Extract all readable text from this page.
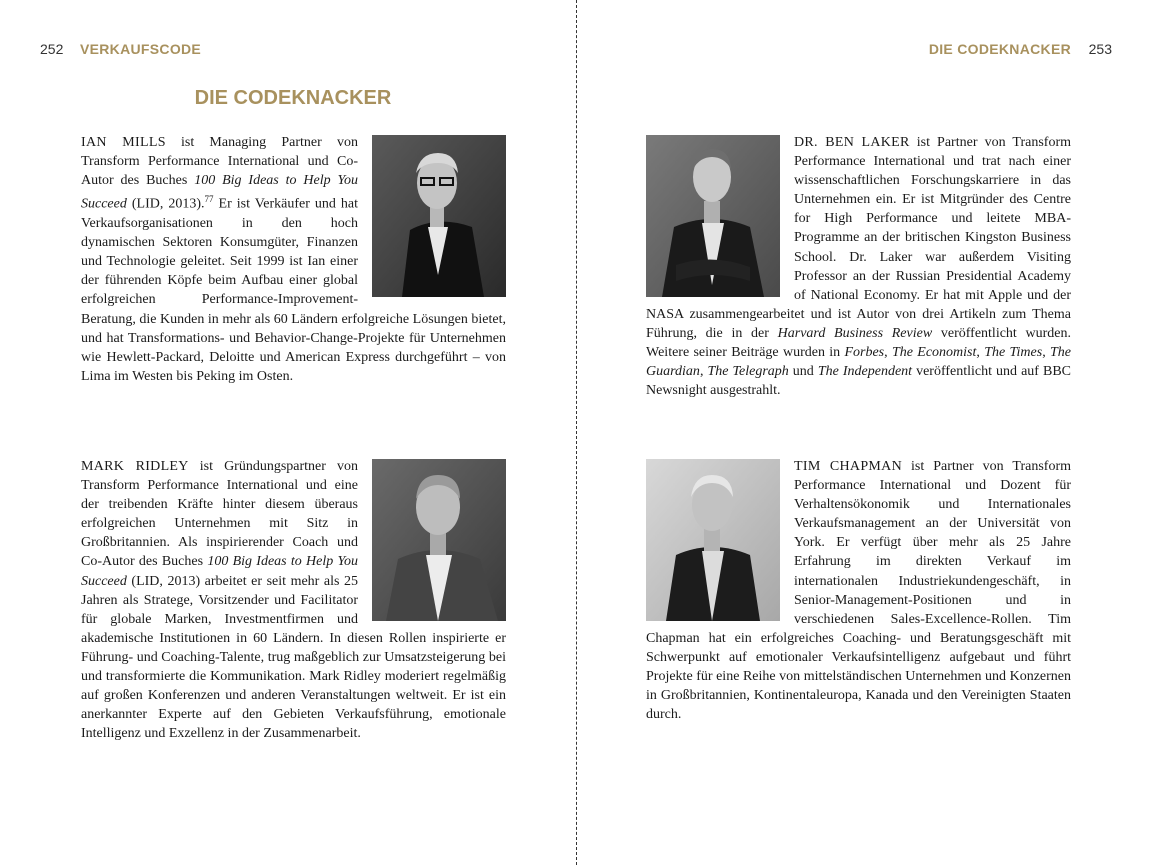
252 VERKAUFSCODE
DIE CODEKNACKER
DIE CODEKNACKER 253
IAN MILLS ist Managing Partner von Transform Performance International und Co-Autor des Buches 100 Big Ideas to Help You Succeed (LID, 2013).$^{77}$ Er ist Verkäufer und hat Verkaufsorganisationen in den hoch dynamischen Sektoren Konsumgüter, Finanzen und Technologie geleitet. Seit 1999 ist Ian einer der führenden Köpfe beim Aufbau einer global erfolgreichen Performance-Improvement-Beratung, die Kunden in mehr als 60 Ländern erfolgreiche Lösungen bietet, und hat Transformations- und Behavior-Change-Projekte für Unternehmen wie Hewlett-Packard, Deloitte und American Express durchgeführt – von Lima im Westen bis Peking im Osten.
MARK RIDLEY ist Gründungspartner von Transform Performance International und eine der treibenden Kräfte hinter diesem überaus erfolgreichen Unternehmen mit Sitz in Großbritannien. Als inspirierender Coach und Co-Autor des Buches 100 Big Ideas to Help You Succeed (LID, 2013) arbeitet er seit mehr als 25 Jahren als Stratege, Vorsitzender und Facilitator für globale Marken, Investmentfirmen und akademische Institutionen in 60 Ländern. In diesen Rollen inspirierte er Führung- und Coaching-Talente, trug maßgeblich zur Umsatzsteigerung bei und transformierte die Kommunikation. Mark Ridley moderiert regelmäßig auf großen Konferenzen und anderen Veranstaltungen weltweit. Er ist ein anerkannter Experte auf den Gebieten Verkaufsführung, emotionale Intelligenz und Exzellenz in der Zusammenarbeit.
DR. BEN LAKER ist Partner von Transform Performance International und trat nach einer wissenschaftlichen Forschungskarriere in das Unternehmen ein. Er ist Mitgründer des Centre for High Performance und leitete MBA-Programme an der britischen Kingston Business School. Dr. Laker war außerdem Visiting Professor an der Russian Presidential Academy of National Economy. Er hat mit Apple und der NASA zusammengearbeitet und ist Autor von drei Artikeln zum Thema Führung, die in der Harvard Business Review veröffentlicht wurden. Weitere seiner Beiträge wurden in Forbes, The Economist, The Times, The Guardian, The Telegraph und The Independent veröffentlicht und auf BBC Newsnight ausgestrahlt.
TIM CHAPMAN ist Partner von Transform Performance International und Dozent für Verhaltensökonomik und Internationales Verkaufsmanagement an der Universität von York. Er verfügt über mehr als 25 Jahre Erfahrung im direkten Verkauf im internationalen Industriekundengeschäft, in Senior-Management-Positionen und in verschiedenen Sales-Excellence-Rollen. Tim Chapman hat ein erfolgreiches Coaching- und Beratungsgeschäft mit Schwerpunkt auf emotionaler Verkaufsintelligenz aufgebaut und führt Projekte für eine Reihe von mittelständischen Unternehmen und Konzernen in Großbritannien, Kontinentaleuropa, Kanada und den Vereinigten Staaten durch.
